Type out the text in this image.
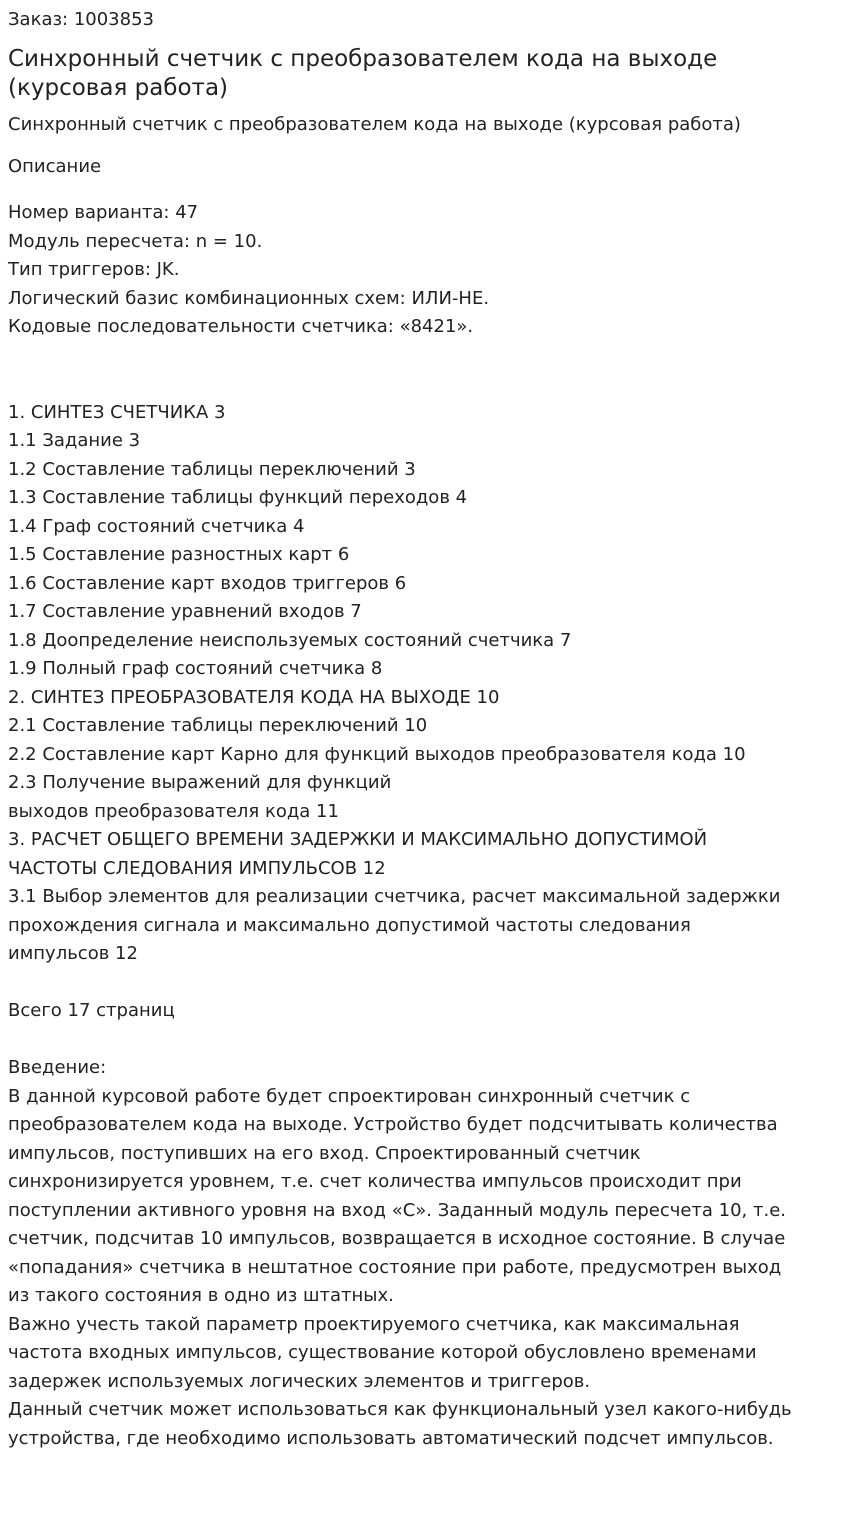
Заказ: 1003853
Синхронный счетчик с преобразователем кода на выходе (курсовая работа)
Синхронный счетчик с преобразователем кода на выходе (курсовая работа)
Описание
Номер варианта: 47
Модуль пересчета: n = 10.
Тип триггеров: JK.
Логический базис комбинационных схем: ИЛИ-НЕ.
Кодовые последовательности счетчика: «8421».
1. СИНТЕЗ СЧЕТЧИКА 3
1.1 Задание 3
1.2 Составление таблицы переключений 3
1.3 Составление таблицы функций переходов 4
1.4 Граф состояний счетчика 4
1.5 Составление разностных карт 6
1.6 Составление карт входов триггеров 6
1.7 Составление уравнений входов 7
1.8 Доопределение неиспользуемых состояний счетчика 7
1.9 Полный граф состояний счетчика 8
2. СИНТЕЗ ПРЕОБРАЗОВАТЕЛЯ КОДА НА ВЫХОДЕ 10
2.1 Составление таблицы переключений 10
2.2 Составление карт Карно для функций выходов преобразователя кода 10
2.3 Получение выражений для функций
выходов преобразователя кода 11
3. РАСЧЕТ ОБЩЕГО ВРЕМЕНИ ЗАДЕРЖКИ И МАКСИМАЛЬНО ДОПУСТИМОЙ
ЧАСТОТЫ СЛЕДОВАНИЯ ИМПУЛЬСОВ 12
3.1 Выбор элементов для реализации счетчика, расчет максимальной задержки
прохождения сигнала и максимально допустимой частоты следования
импульсов 12
Всего 17 страниц
Введение:
В данной курсовой работе будет спроектирован синхронный счетчик с
преобразователем кода на выходе. Устройство будет подсчитывать количества
импульсов, поступивших на его вход. Спроектированный счетчик
синхронизируется уровнем, т.е. счет количества импульсов происходит при
поступлении активного уровня на вход «С». Заданный модуль пересчета 10, т.е.
счетчик, подсчитав 10 импульсов, возвращается в исходное состояние. В случае
«попадания» счетчика в нештатное состояние при работе, предусмотрен выход
из такого состояния в одно из штатных.
Важно учесть такой параметр проектируемого счетчика, как максимальная
частота входных импульсов, существование которой обусловлено временами
задержек используемых логических элементов и триггеров.
Данный счетчик может использоваться как функциональный узел какого-нибудь
устройства, где необходимо использовать автоматический подсчет импульсов.
